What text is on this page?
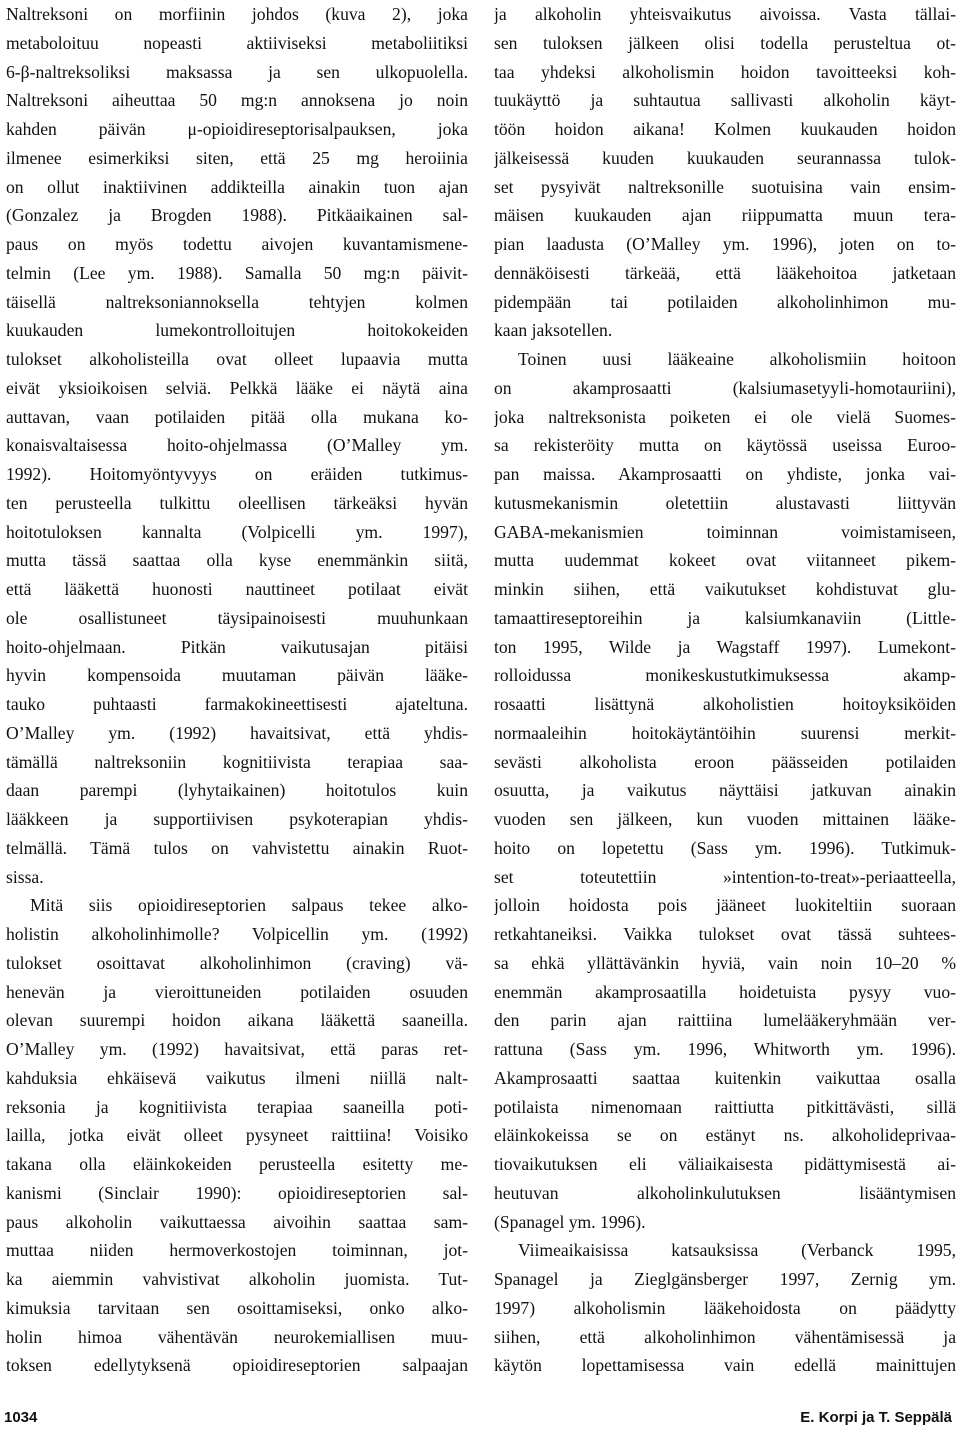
Naltreksoni on morfiinin johdos (kuva 2), joka
metaboloituu nopeasti aktiiviseksi metaboliitiksi
6-β-naltreksoliksi maksassa ja sen ulkopuolella.
Naltreksoni aiheuttaa 50 mg:n annoksena jo noin
kahden päivän μ-opioidireseptorisalpauksen, joka
ilmenee esimerkiksi siten, että 25 mg heroiinia
on ollut inaktiivinen addikteilla ainakin tuon ajan
(Gonzalez ja Brogden 1988). Pitkäaikainen sal-
paus on myös todettu aivojen kuvantamismene-
telmin (Lee ym. 1988). Samalla 50 mg:n päivit-
täisellä naltreksoniannoksella tehtyjen kolmen
kuukauden lumekontrolloitujen hoitokokeiden
tulokset alkoholisteilla ovat olleet lupaavia mutta
eivät yksioikoisen selviä. Pelkkä lääke ei näytä aina
auttavan, vaan potilaiden pitää olla mukana ko-
konaisvaltaisessa hoito-ohjelmassa (O’Malley ym.
1992). Hoitomyöntyvyys on eräiden tutkimus-
ten perusteella tulkittu oleellisen tärkeäksi hyvän
hoitotuloksen kannalta (Volpicelli ym. 1997),
mutta tässä saattaa olla kyse enemmänkin siitä,
että lääkettä huonosti nauttineet potilaat eivät
ole osallistuneet täysipainoisesti muuhunkaan
hoito-ohjelmaan. Pitkän vaikutusajan pitäisi
hyvin kompensoida muutaman päivän lääke-
tauko puhtaasti farmakokineettisesti ajateltuna.
O’Malley ym. (1992) havaitsivat, että yhdis-
tämällä naltreksoniin kognitiivista terapiaa saa-
daan parempi (lyhytaikainen) hoitotulos kuin
lääkkeen ja supportiivisen psykoterapian yhdis-
telmällä. Tämä tulos on vahvistettu ainakin Ruot-
sissa.
Mitä siis opioidireseptorien salpaus tekee alko-
holistin alkoholinhimolle? Volpicellin ym. (1992)
tulokset osoittavat alkoholinhimon (craving) vä-
henevän ja vieroittuneiden potilaiden osuuden
olevan suurempi hoidon aikana lääkettä saaneilla.
O’Malley ym. (1992) havaitsivat, että paras ret-
kahduksia ehkäisevä vaikutus ilmeni niillä nalt-
reksonia ja kognitiivista terapiaa saaneilla poti-
lailla, jotka eivät olleet pysyneet raittiina! Voisiko
takana olla eläinkokeiden perusteella esitetty me-
kanismi (Sinclair 1990): opioidireseptorien sal-
paus alkoholin vaikuttaessa aivoihin saattaa sam-
muttaa niiden hermoverkostojen toiminnan, jot-
ka aiemmin vahvistivat alkoholin juomista. Tut-
kimuksia tarvitaan sen osoittamiseksi, onko alko-
holin himoa vähentävän neurokemiallisen muu-
toksen edellytyksenä opioidireseptorien salpaajan
ja alkoholin yhteisvaikutus aivoissa. Vasta tällai-
sen tuloksen jälkeen olisi todella perusteltua ot-
taa yhdeksi alkoholismin hoidon tavoitteeksi koh-
tuukäyttö ja suhtautua sallivasti alkoholin käyt-
töön hoidon aikana! Kolmen kuukauden hoidon
jälkeisessä kuuden kuukauden seurannassa tulok-
set pysyivät naltreksonille suotuisina vain ensim-
mäisen kuukauden ajan riippumatta muun tera-
pian laadusta (O’Malley ym. 1996), joten on to-
dennäköisesti tärkeää, että lääkehoitoa jatketaan
pidempään tai potilaiden alkoholinhimon mu-
kaan jaksotellen.
Toinen uusi lääkeaine alkoholismiin hoitoon
on akamprosaatti (kalsiumasetyyli-homotauriini),
joka naltreksonista poiketen ei ole vielä Suomes-
sa rekisteröity mutta on käytössä useissa Euroo-
pan maissa. Akamprosaatti on yhdiste, jonka vai-
kutusmekanismin oletettiin alustavasti liittyvän
GABA-mekanismien toiminnan voimistamiseen,
mutta uudemmat kokeet ovat viitanneet pikem-
minkin siihen, että vaikutukset kohdistuvat glu-
tamaattireseptoreihin ja kalsiumkanaviin (Little-
ton 1995, Wilde ja Wagstaff 1997). Lumekont-
rolloidussa monikeskustutkimuksessa akamp-
rosaatti lisättynä alkoholistien hoitoyksiköiden
normaaleihin hoitokäytäntöihin suurensi merkit-
sevästi alkoholista eroon päässeiden potilaiden
osuutta, ja vaikutus näyttäisi jatkuvan ainakin
vuoden sen jälkeen, kun vuoden mittainen lääke-
hoito on lopetettu (Sass ym. 1996). Tutkimuk-
set toteutettiin »intention-to-treat»-periaatteella,
jolloin hoidosta pois jääneet luokiteltiin suoraan
retkahtaneiksi. Vaikka tulokset ovat tässä suhtees-
sa ehkä yllättävänkin hyviä, vain noin 10–20 %
enemmän akamprosaatilla hoidetuista pysyy vuo-
den parin ajan raittiina lumelääkeryhmään ver-
rattuna (Sass ym. 1996, Whitworth ym. 1996).
Akamprosaatti saattaa kuitenkin vaikuttaa osalla
potilaista nimenomaan raittiutta pitkittävästi, sillä
eläinkokeissa se on estänyt ns. alkoholideprivaa-
tiovaikutuksen eli väliaikaisesta pidättymisestä ai-
heutuvan alkoholinkulutuksen lisääntymisen
(Spanagel ym. 1996).
Viimeaikaisissa katsauksissa (Verbanck 1995,
Spanagel ja Zieglgänsberger 1997, Zernig ym.
1997) alkoholismin lääkehoidosta on päädytty
siihen, että alkoholinhimon vähentämisessä ja
käytön lopettamisessa vain edellä mainittujen
1034	E. Korpi ja T. Seppälä
